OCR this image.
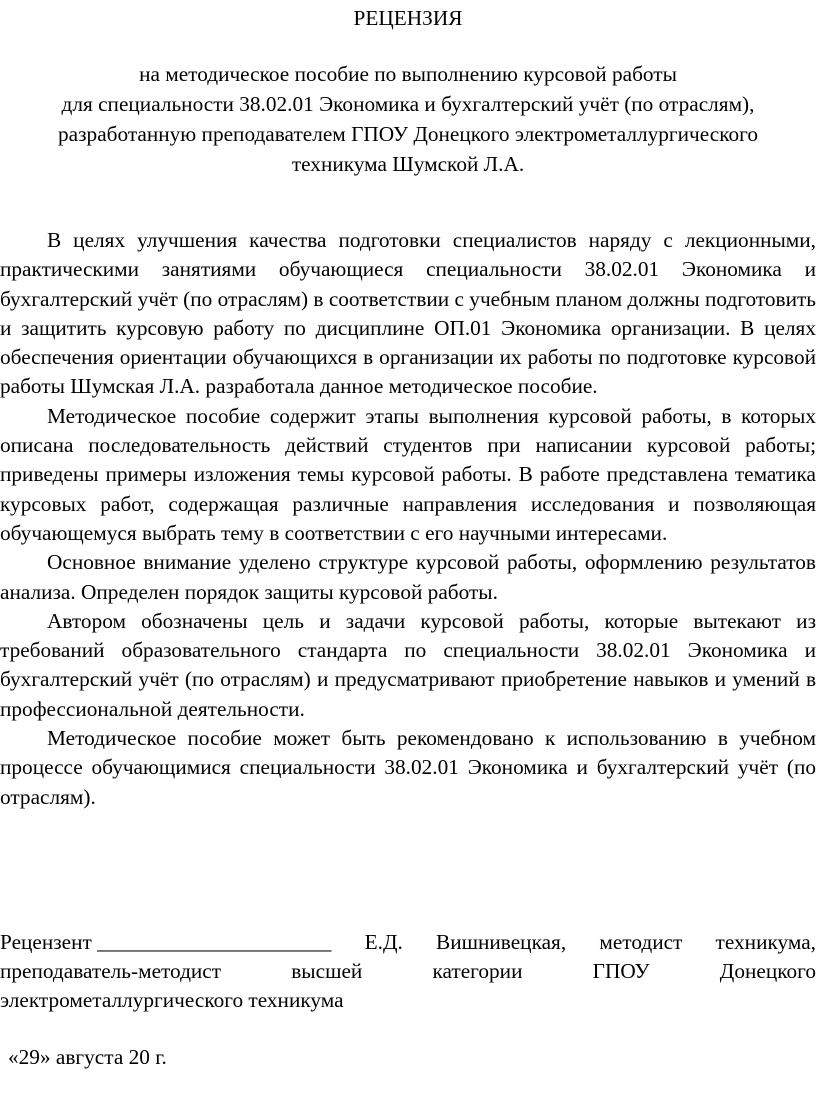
РЕЦЕНЗИЯ
на методическое пособие по выполнению курсовой работы
для специальности 38.02.01 Экономика и бухгалтерский учёт (по отраслям),
разработанную преподавателем ГПОУ Донецкого электрометаллургического
техникума Шумской Л.А.

В целях улучшения качества подготовки специалистов наряду с лекционными, практическими занятиями обучающиеся специальности 38.02.01 Экономика и бухгалтерский учёт (по отраслям) в соответствии с учебным планом должны подготовить и защитить курсовую работу по дисциплине ОП.01 Экономика организации. В целях обеспечения ориентации обучающихся в организации их работы по подготовке курсовой работы Шумская Л.А. разработала данное методическое пособие.

Методическое пособие содержит этапы выполнения курсовой работы, в которых описана последовательность действий студентов при написании курсовой работы; приведены примеры изложения темы курсовой работы. В работе представлена тематика курсовых работ, содержащая различные направления исследования и позволяющая обучающемуся выбрать тему в соответствии с его научными интересами.

Основное внимание уделено структуре курсовой работы, оформлению результатов анализа. Определен порядок защиты курсовой работы.

Автором обозначены цель и задачи курсовой работы, которые вытекают из требований образовательного стандарта по специальности 38.02.01 Экономика и бухгалтерский учёт (по отраслям) и предусматривают приобретение навыков и умений в профессиональной деятельности.

Методическое пособие может быть рекомендовано к использованию в учебном процессе обучающимися специальности 38.02.01 Экономика и бухгалтерский учёт (по отраслям).

Рецензент ______________________ Е.Д. Вишнивецкая, методист техникума,
преподаватель-методист	высшей	категории	ГПОУ	Донецкого
электрометаллургического техникума
«29» августа 20 г.
